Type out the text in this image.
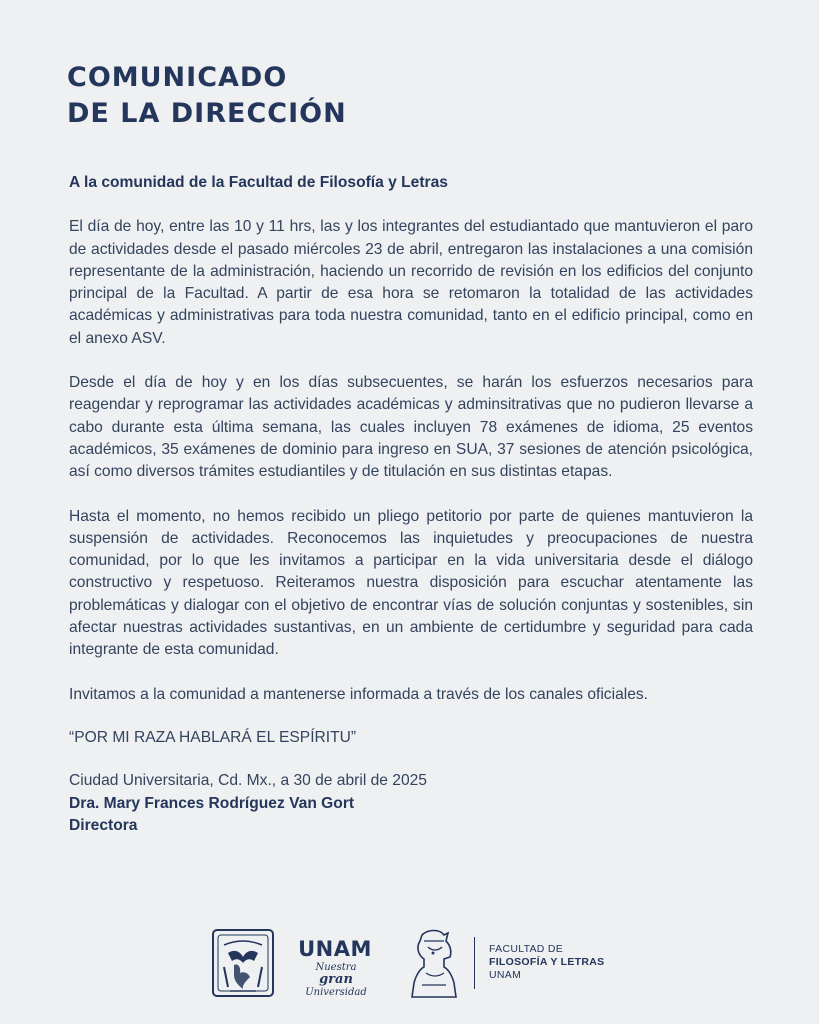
COMUNICADO
DE LA DIRECCIÓN

A la comunidad de la Facultad de Filosofía y Letras

El día de hoy, entre las 10 y 11 hrs, las y los integrantes del estudiantado que mantuvieron el paro de actividades desde el pasado miércoles 23 de abril, entregaron las instalaciones a una comisión representante de la administración, haciendo un recorrido de revisión en los edificios del conjunto principal de la Facultad. A partir de esa hora se retomaron la totalidad de las actividades académicas y administrativas para toda nuestra comunidad, tanto en el edificio principal, como en el anexo ASV.

Desde el día de hoy y en los días subsecuentes, se harán los esfuerzos necesarios para reagendar y reprogramar las actividades académicas y adminsitrativas que no pudieron llevarse a cabo durante esta última semana, las cuales incluyen 78 exámenes de idioma, 25 eventos académicos, 35 exámenes de dominio para ingreso en SUA, 37 sesiones de atención psicológica, así como diversos trámites estudiantiles y de titulación en sus distintas etapas.

Hasta el momento, no hemos recibido un pliego petitorio por parte de quienes mantuvieron la suspensión de actividades. Reconocemos las inquietudes y preocupaciones de nuestra comunidad, por lo que les invitamos a participar en la vida universitaria desde el diálogo constructivo y respetuoso. Reiteramos nuestra disposición para escuchar atentamente las problemáticas y dialogar con el objetivo de encontrar vías de solución conjuntas y sostenibles, sin afectar nuestras actividades sustantivas, en un ambiente de certidumbre y seguridad para cada integrante de esta comunidad.

Invitamos a la comunidad a mantenerse informada a través de los canales oficiales.

“POR MI RAZA HABLARÁ EL ESPÍRITU”

Ciudad Universitaria, Cd. Mx., a 30 de abril de 2025

Dra. Mary Frances Rodríguez Van Gort

Directora

UNAM
Nuestra gran
Universidad
FACULTAD DE
FILOSOFÍA Y LETRAS
UNAM
